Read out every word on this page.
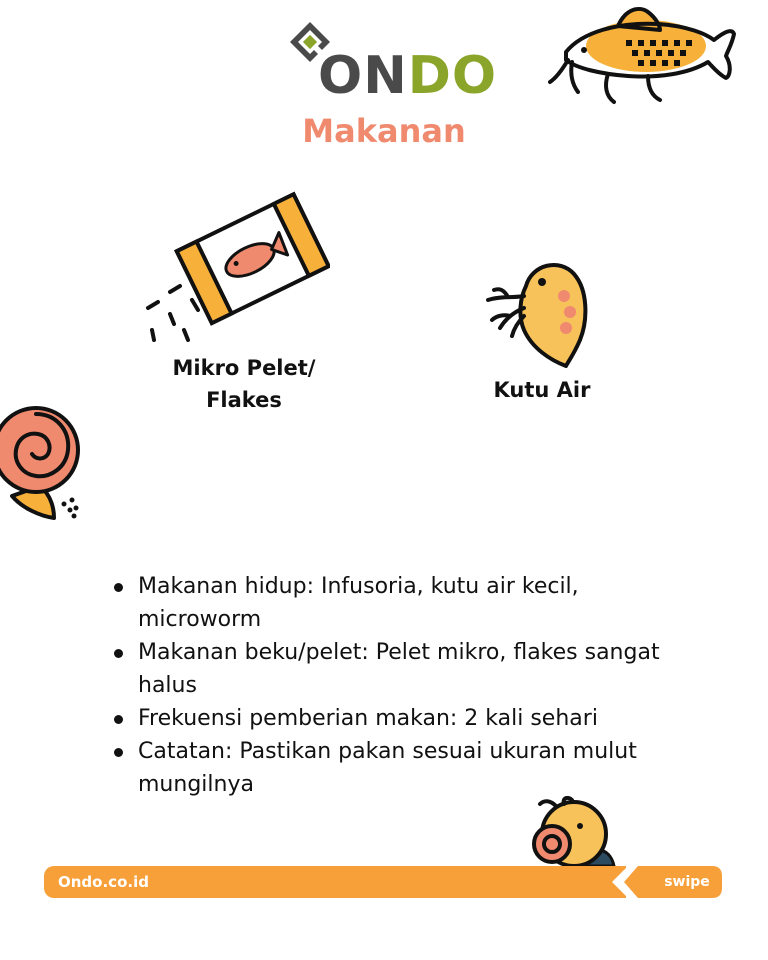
ONDO
Makanan
Mikro Pelet/
Flakes	Kutu Air
Makanan hidup: Infusoria, kutu air kecil, microworm
Makanan beku/pelet: Pelet mikro, flakes sangat halus
Frekuensi pemberian makan: 2 kali sehari
Catatan: Pastikan pakan sesuai ukuran mulut mungilnya
Ondo.co.id	swipe
